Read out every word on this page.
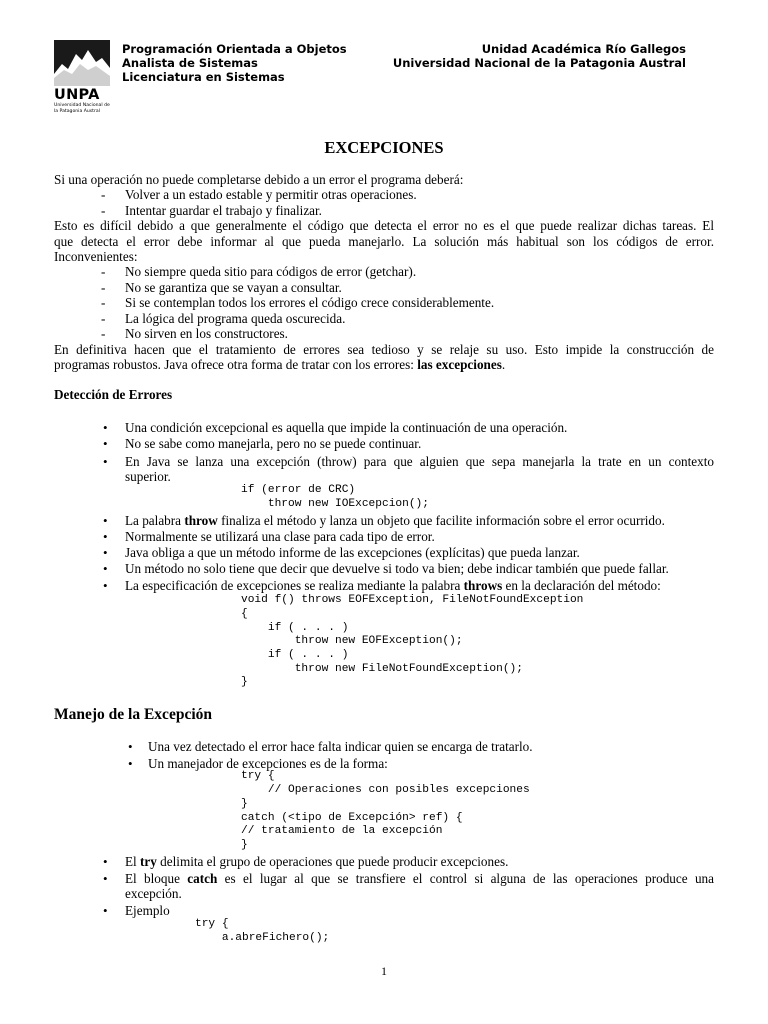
UNPA
Universidad Nacional de la Patagonia Austral
Programación Orientada a Objetos
Analista de Sistemas
Licenciatura en Sistemas
Unidad Académica Río Gallegos
Universidad Nacional de la Patagonia Austral
EXCEPCIONES
Si una operación no puede completarse debido a un error el programa deberá:
- Volver a un estado estable y permitir otras operaciones.
- Intentar guardar el trabajo y finalizar.
Esto es difícil debido a que generalmente el código que detecta el error no es el que puede realizar dichas tareas. El
que detecta el error debe informar al que pueda manejarlo. La solución más habitual son los códigos de error.
Inconvenientes:
- No siempre queda sitio para códigos de error (getchar).
- No se garantiza que se vayan a consultar.
- Si se contemplan todos los errores el código crece considerablemente.
- La lógica del programa queda oscurecida.
- No sirven en los constructores.
En definitiva hacen que el tratamiento de errores sea tedioso y se relaje su uso. Esto impide la construcción de
programas robustos. Java ofrece otra forma de tratar con los errores: las excepciones.
Detección de Errores
• Una condición excepcional es aquella que impide la continuación de una operación.
• No se sabe como manejarla, pero no se puede continuar.
• En Java se lanza una excepción (throw) para que alguien que sepa manejarla la trate en un contexto
superior.
if (error de CRC)
throw new IOExcepcion();
• La palabra throw finaliza el método y lanza un objeto que facilite información sobre el error ocurrido.
• Normalmente se utilizará una clase para cada tipo de error.
• Java obliga a que un método informe de las excepciones (explícitas) que pueda lanzar.
• Un método no solo tiene que decir que devuelve si todo va bien; debe indicar también que puede fallar.
• La especificación de excepciones se realiza mediante la palabra throws en la declaración del método:
void f() throws EOFException, FileNotFoundException
{
if ( . . . )
throw new EOFException();
if ( . . . )
throw new FileNotFoundException();
}
Manejo de la Excepción
• Una vez detectado el error hace falta indicar quien se encarga de tratarlo.
• Un manejador de excepciones es de la forma:
try {
// Operaciones con posibles excepciones
}
catch (<tipo de Excepción> ref) {
// tratamiento de la excepción
}
• El try delimita el grupo de operaciones que puede producir excepciones.
• El bloque catch es el lugar al que se transfiere el control si alguna de las operaciones produce una
excepción.
• Ejemplo
try {
a.abreFichero();
1
